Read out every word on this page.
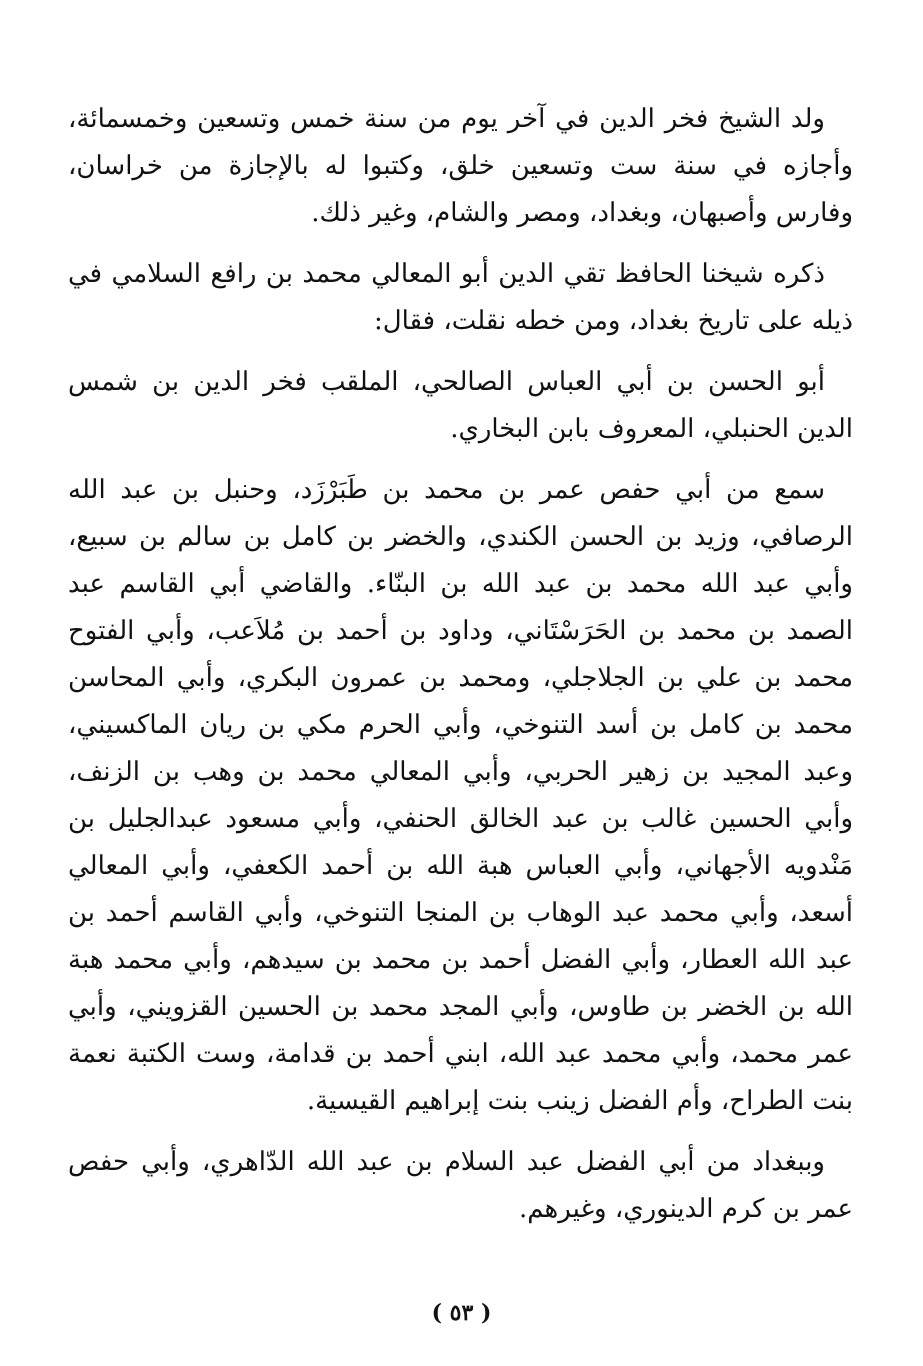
ولد الشيخ فخر الدين في آخر يوم من سنة خمس وتسعين وخمسمائة، وأجازه في سنة ست وتسعين خلق، وكتبوا له بالإجازة من خراسان، وفارس وأصبهان، وبغداد، ومصر والشام، وغير ذلك.

ذكره شيخنا الحافظ تقي الدين أبو المعالي محمد بن رافع السلامي في ذيله على تاريخ بغداد، ومن خطه نقلت، فقال:

أبو الحسن بن أبي العباس الصالحي، الملقب فخر الدين بن شمس الدين الحنبلي، المعروف بابن البخاري.

سمع من أبي حفص عمر بن محمد بن طَبَرْزَد، وحنبل بن عبد الله الرصافي، وزيد بن الحسن الكندي، والخضر بن كامل بن سالم بن سبيع، وأبي عبد الله محمد بن عبد الله بن البنّاء. والقاضي أبي القاسم عبد الصمد بن محمد بن الحَرَسْتَاني، وداود بن أحمد بن مُلاَعب، وأبي الفتوح محمد بن علي بن الجلاجلي، ومحمد بن عمرون البكري، وأبي المحاسن محمد بن كامل بن أسد التنوخي، وأبي الحرم مكي بن ريان الماكسيني، وعبد المجيد بن زهير الحربي، وأبي المعالي محمد بن وهب بن الزنف، وأبي الحسين غالب بن عبد الخالق الحنفي، وأبي مسعود عبدالجليل بن مَنْدويه الأجهاني، وأبي العباس هبة الله بن أحمد الكعفي، وأبي المعالي أسعد، وأبي محمد عبد الوهاب بن المنجا التنوخي، وأبي القاسم أحمد بن عبد الله العطار، وأبي الفضل أحمد بن محمد بن سيدهم، وأبي محمد هبة الله بن الخضر بن طاوس، وأبي المجد محمد بن الحسين القزويني، وأبي عمر محمد، وأبي محمد عبد الله، ابني أحمد بن قدامة، وست الكتبة نعمة بنت الطراح، وأم الفضل زينب بنت إبراهيم القيسية.

وببغداد من أبي الفضل عبد السلام بن عبد الله الدّاهري، وأبي حفص عمر بن كرم الدينوري، وغيرهم.

( ٥٣ )
